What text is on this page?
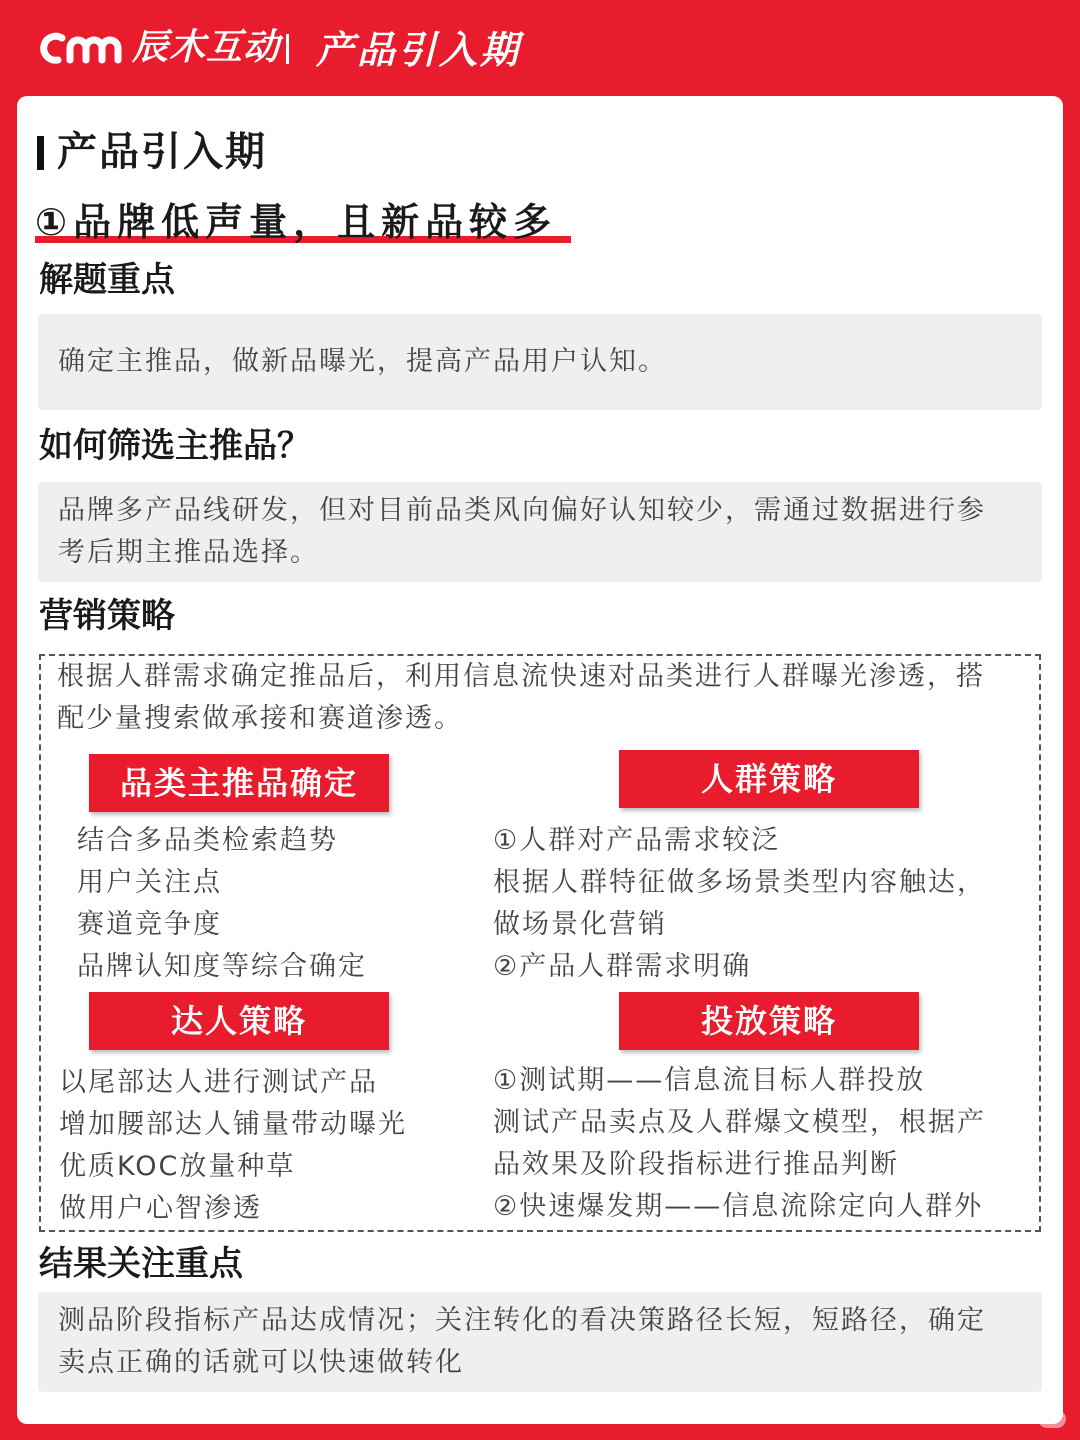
辰木互动 产品引入期
产品引入期
①品牌低声量，且新品较多
解题重点
确定主推品，做新品曝光，提高产品用户认知。
如何筛选主推品？
品牌多产品线研发，但对目前品类风向偏好认知较少，需通过数据进行参
考后期主推品选择。
营销策略
根据人群需求确定推品后，利用信息流快速对品类进行人群曝光渗透，搭
配少量搜索做承接和赛道渗透。
品类主推品确定
结合多品类检索趋势
用户关注点
赛道竞争度
品牌认知度等综合确定
人群策略
①人群对产品需求较泛
根据人群特征做多场景类型内容触达，
做场景化营销
②产品人群需求明确
达人策略
以尾部达人进行测试产品
增加腰部达人铺量带动曝光
优质KOC放量种草
做用户心智渗透
投放策略
①测试期——信息流目标人群投放
测试产品卖点及人群爆文模型，根据产
品效果及阶段指标进行推品判断
②快速爆发期——信息流除定向人群外
结果关注重点
测品阶段指标产品达成情况；关注转化的看决策路径长短，短路径，确定
卖点正确的话就可以快速做转化
